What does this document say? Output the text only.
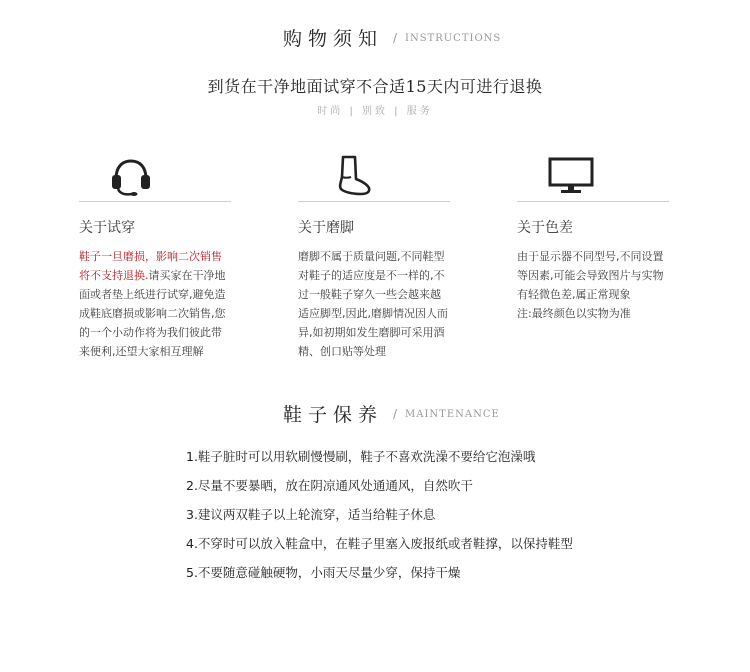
购物须知 / INSTRUCTIONS
到货在干净地面试穿不合适15天内可进行退换
时尚 | 别致 | 服务
关于试穿
鞋子一旦磨损，影响二次销售
将不支持退换.请买家在干净地
面或者垫上纸进行试穿,避免造
成鞋底磨损或影响二次销售,您
的一个小动作将为我们彼此带
来便利,还望大家相互理解
关于磨脚
磨脚不属于质量问题,不同鞋型
对鞋子的适应度是不一样的,不
过一般鞋子穿久一些会越来越
适应脚型,因此,磨脚情况因人而
异,如初期如发生磨脚可采用酒
精、创口贴等处理
关于色差
由于显示器不同型号,不同设置
等因素,可能会导致图片与实物
有轻微色差,属正常现象
注:最终颜色以实物为准
鞋子保养 / MAINTENANCE
1.鞋子脏时可以用软刷慢慢刷，鞋子不喜欢洗澡不要给它泡澡哦
2.尽量不要暴晒，放在阴凉通风处通通风，自然吹干
3.建议两双鞋子以上轮流穿，适当给鞋子休息
4.不穿时可以放入鞋盒中，在鞋子里塞入废报纸或者鞋撑，以保持鞋型
5.不要随意碰触硬物，小雨天尽量少穿，保持干燥
